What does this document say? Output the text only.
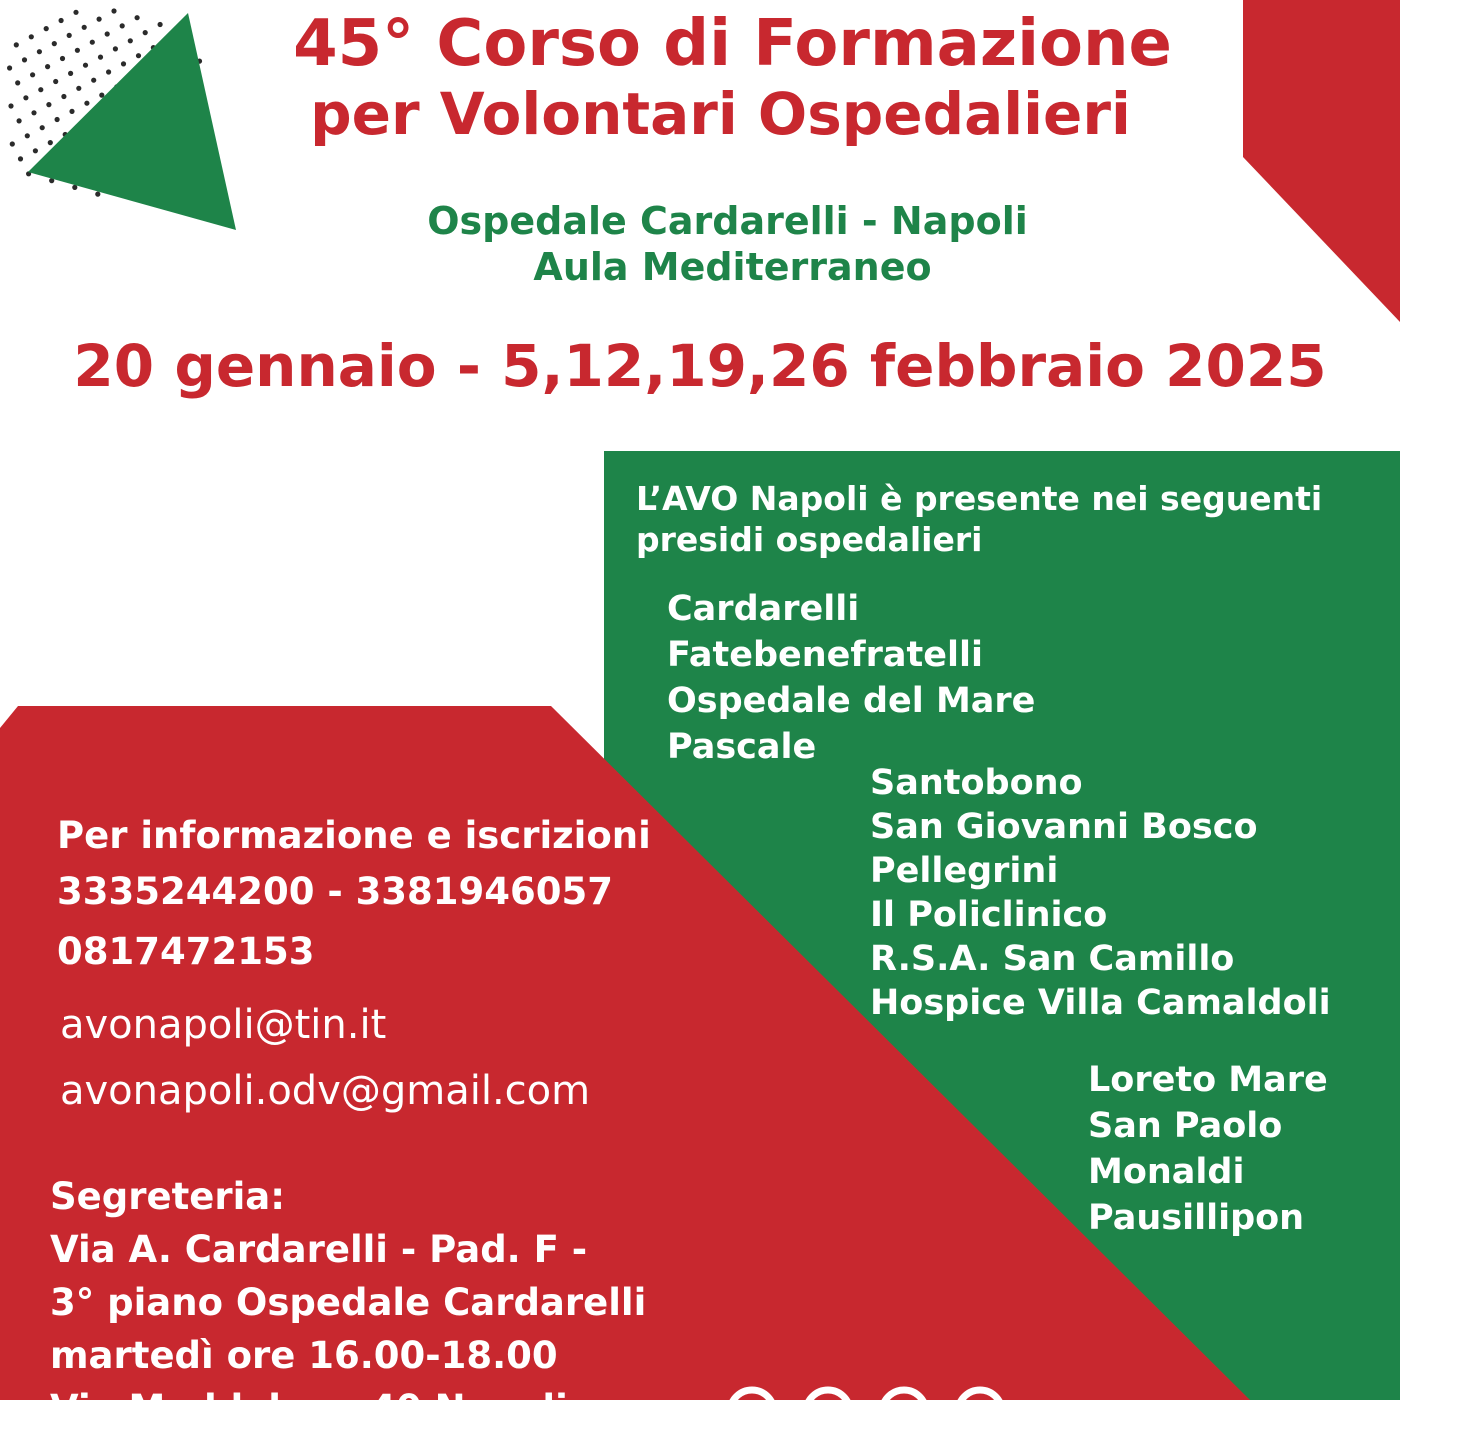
45° Corso di Formazione
per Volontari Ospedalieri

Ospedale Cardarelli - Napoli

Aula Mediterraneo

20 gennaio - 5,12,19,26 febbraio 2025

L’AVO Napoli è presente nei seguenti presidi ospedalieri

Cardarelli

Fatebenefratelli

Ospedale del Mare

Pascale

Santobono

San Giovanni Bosco

Pellegrini

Il Policlinico

R.S.A. San Camillo

Hospice Villa Camaldoli

Loreto Mare

San Paolo

Monaldi

Pausillipon

Per informazione e iscrizioni

3335244200 - 3381946057

0817472153

avonapoli@tin.it

avonapoli.odv@gmail.com

Segreteria:

Via A. Cardarelli - Pad. F -

3° piano Ospedale Cardarelli

martedì ore 16.00-18.00

Via Maddalena 40 Napoli
